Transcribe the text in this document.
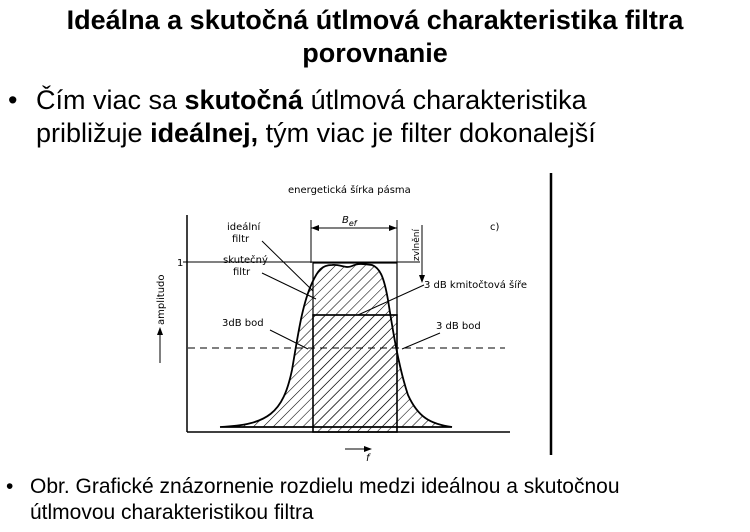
Ideálna a skutočná útlmová charakteristika filtra
porovnanie
• Čím viac sa skutočná útlmová charakteristika
približuje ideálnej, tým viac je filter dokonalejší
$B_{ef}$
energetická šírka pásma
c)
zvlnění
ideální
filtr
skutečný
filtr
3 dB kmitočtová šíře
3dB bod	3 dB bod
1
amplitudo
f
• Obr. Grafické znázornenie rozdielu medzi ideálnou a skutočnou
útlmovou charakteristikou filtra
